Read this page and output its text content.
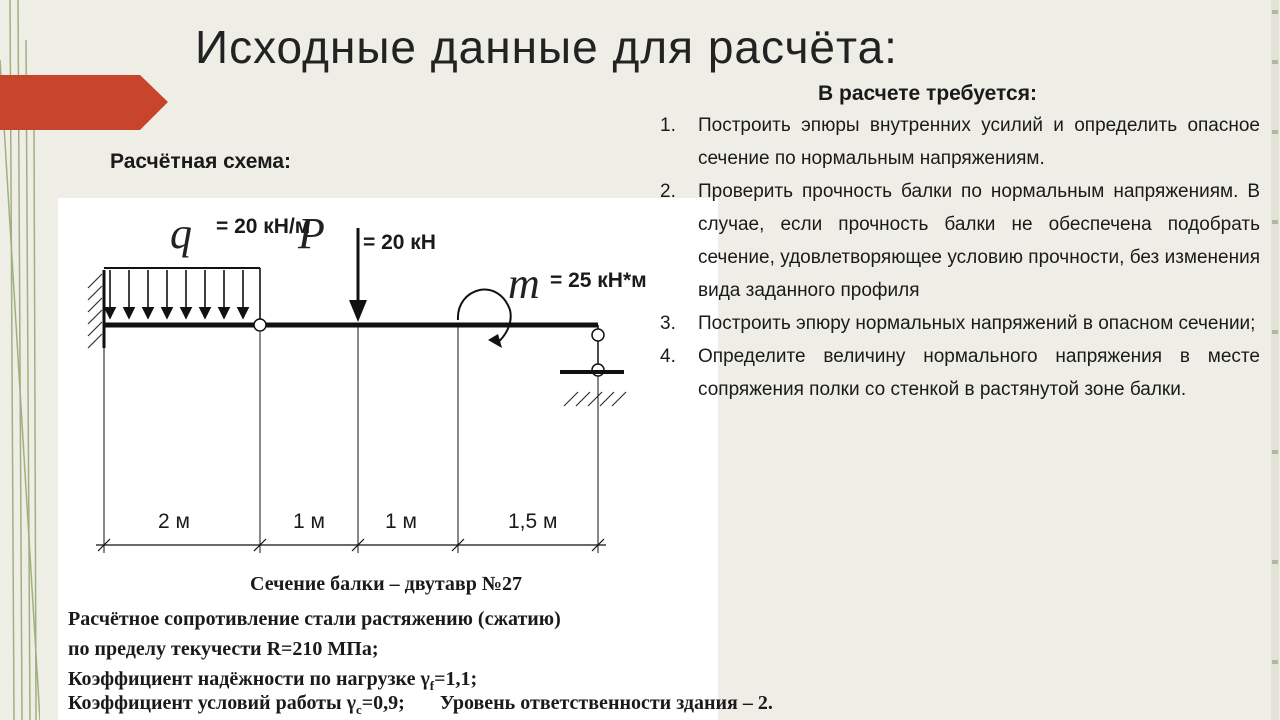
Исходные данные для расчёта:
Расчётная схема:
q P
m
= 20 кН/м
= 20 кН
= 25 кН*м
2 м	1 м	1 м	1,5 м
Сечение балки – двутавр №27
Расчётное сопротивление стали растяжению (сжатию)
по пределу текучести R=210 МПа;
Коэффициент надёжности по нагрузке $\gamma_f=1,1$;
Коэффициент условий работы $\gamma_c=0,9$; Уровень ответственности здания – 2.
В расчете требуется:
1. Построить эпюры внутренних усилий и определить опасное сечение по нормальным напряжениям.
2. Проверить прочность балки по нормальным напряжениям. В случае, если прочность балки не обеспечена подобрать сечение, удовлетворяющее условию прочности, без изменения вида заданного профиля
3. Построить эпюру нормальных напряжений в опасном сечении;
4. Определите величину нормального напряжения в месте сопряжения полки со стенкой в растянутой зоне балки.
